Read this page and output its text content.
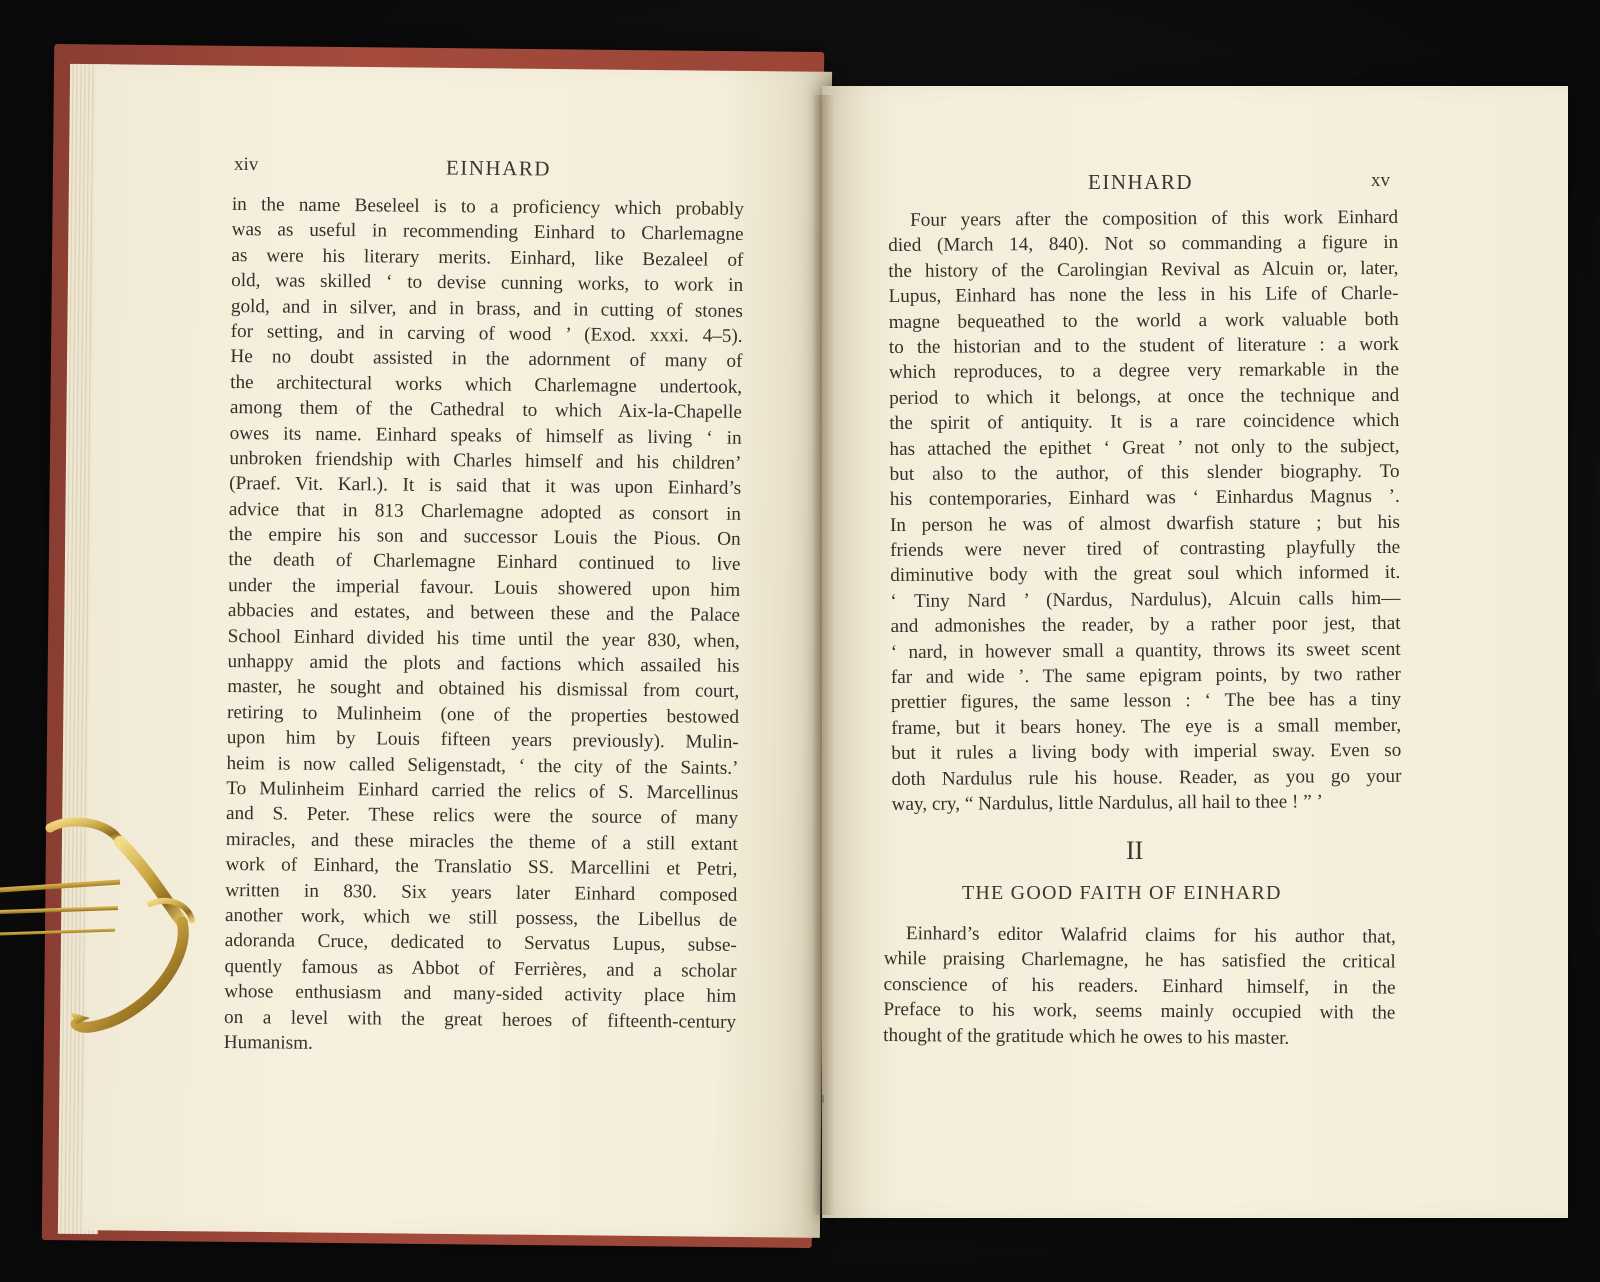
xiv	EINHARD
in the name Beseleel is to a proficiency which probably
was as useful in recommending Einhard to Charlemagne
as were his literary merits. Einhard, like Bezaleel of
old, was skilled ‘ to devise cunning works, to work in
gold, and in silver, and in brass, and in cutting of stones
for setting, and in carving of wood ’ (Exod. xxxi. 4–5).
He no doubt assisted in the adornment of many of
the architectural works which Charlemagne undertook,
among them of the Cathedral to which Aix-la-Chapelle
owes its name. Einhard speaks of himself as living ‘ in
unbroken friendship with Charles himself and his children’
(Praef. Vit. Karl.). It is said that it was upon Einhard’s
advice that in 813 Charlemagne adopted as consort in
the empire his son and successor Louis the Pious. On
the death of Charlemagne Einhard continued to live
under the imperial favour. Louis showered upon him
abbacies and estates, and between these and the Palace
School Einhard divided his time until the year 830, when,
unhappy amid the plots and factions which assailed his
master, he sought and obtained his dismissal from court,
retiring to Mulinheim (one of the properties bestowed
upon him by Louis fifteen years previously). Mulin-
heim is now called Seligenstadt, ‘ the city of the Saints.’
To Mulinheim Einhard carried the relics of S. Marcellinus
and S. Peter. These relics were the source of many
miracles, and these miracles the theme of a still extant
work of Einhard, the Translatio SS. Marcellini et Petri,
written in 830. Six years later Einhard composed
another work, which we still possess, the Libellus de
adoranda Cruce, dedicated to Servatus Lupus, subse-
quently famous as Abbot of Ferrières, and a scholar
whose enthusiasm and many-sided activity place him
on a level with the great heroes of fifteenth-century
Humanism.
EINHARD	xv
Four years after the composition of this work Einhard
died (March 14, 840). Not so commanding a figure in
the history of the Carolingian Revival as Alcuin or, later,
Lupus, Einhard has none the less in his Life of Charle-
magne bequeathed to the world a work valuable both
to the historian and to the student of literature : a work
which reproduces, to a degree very remarkable in the
period to which it belongs, at once the technique and
the spirit of antiquity. It is a rare coincidence which
has attached the epithet ‘ Great ’ not only to the subject,
but also to the author, of this slender biography. To
his contemporaries, Einhard was ‘ Einhardus Magnus ’.
In person he was of almost dwarfish stature ; but his
friends were never tired of contrasting playfully the
diminutive body with the great soul which informed it.
‘ Tiny Nard ’ (Nardus, Nardulus), Alcuin calls him—
and admonishes the reader, by a rather poor jest, that
‘ nard, in however small a quantity, throws its sweet scent
far and wide ’. The same epigram points, by two rather
prettier figures, the same lesson : ‘ The bee has a tiny
frame, but it bears honey. The eye is a small member,
but it rules a living body with imperial sway. Even so
doth Nardulus rule his house. Reader, as you go your
way, cry, “ Nardulus, little Nardulus, all hail to thee ! ” ’
II
THE GOOD FAITH OF EINHARD
Einhard’s editor Walafrid claims for his author that,
while praising Charlemagne, he has satisfied the critical
conscience of his readers. Einhard himself, in the
Preface to his work, seems mainly occupied with the
thought of the gratitude which he owes to his master.
